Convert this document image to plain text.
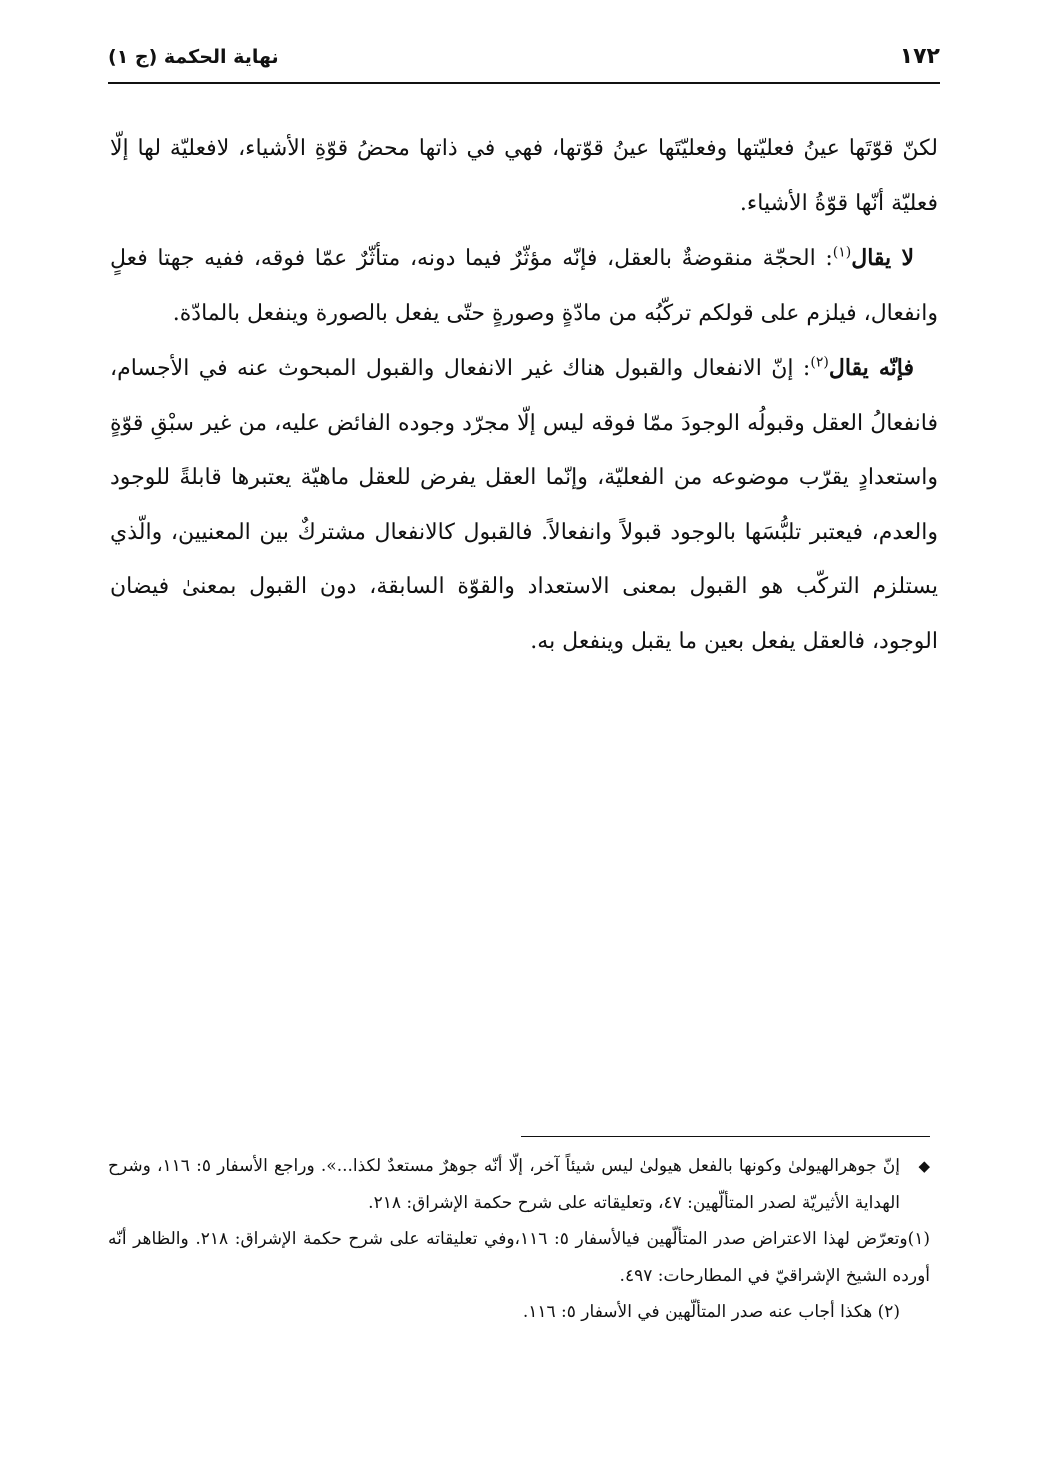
١٧٢
نهاية الحكمة (ج ١)

لكنّ قوّتَها عينُ فعليّتها وفعليّتَها عينُ قوّتها، فهي في ذاتها محضُ قوّةِ الأشياء، لافعليّة لها إلّا فعليّة أنّها قوّةُ الأشياء.

لا يقال$^{(١)}$: الحجّة منقوضةٌ بالعقل، فإنّه مؤثّرٌ فيما دونه، متأثّرٌ عمّا فوقه، ففيه جهتا فعلٍ وانفعال، فيلزم على قولكم تركّبُه من مادّةٍ وصورةٍ حتّى يفعل بالصورة وينفعل بالمادّة.

فإنّه يقال$^{(٢)}$: إنّ الانفعال والقبول هناك غير الانفعال والقبول المبحوث عنه في الأجسام، فانفعالُ العقل وقبولُه الوجودَ ممّا فوقه ليس إلّا مجرّد وجوده الفائض عليه، من غير سبْقِ قوّةٍ واستعدادٍ يقرّب موضوعه من الفعليّة، وإنّما العقل يفرض للعقل ماهيّة يعتبرها قابلةً للوجود والعدم، فيعتبر تلبُّسَها بالوجود قبولاً وانفعالاً. فالقبول كالانفعال مشتركٌ بين المعنيين، والّذي يستلزم التركّب هو القبول بمعنى الاستعداد والقوّة السابقة، دون القبول بمعنىٰ فيضان الوجود، فالعقل يفعل بعين ما يقبل وينفعل به.

◆إنّ جوهرالهيولىٰ وكونها بالفعل هيولىٰ ليس شيئاً آخر، إلّا أنّه جوهرٌ مستعدٌ لكذا...». وراجع الأسفار ٥: ١١٦، وشرح الهداية الأثيريّة لصدر المتألّهين: ٤٧، وتعليقاته على شرح حكمة الإشراق: ٢١٨.

(١)وتعرّض لهذا الاعتراض صدر المتألّهين فيالأسفار ٥: ١١٦،وفي تعليقاته على شرح حكمة الإشراق: ٢١٨. والظاهر أنّه أورده الشيخ الإشراقيّ في المطارحات: ٤٩٧.

(٢) هكذا أجاب عنه صدر المتألّهين في الأسفار ٥: ١١٦.
